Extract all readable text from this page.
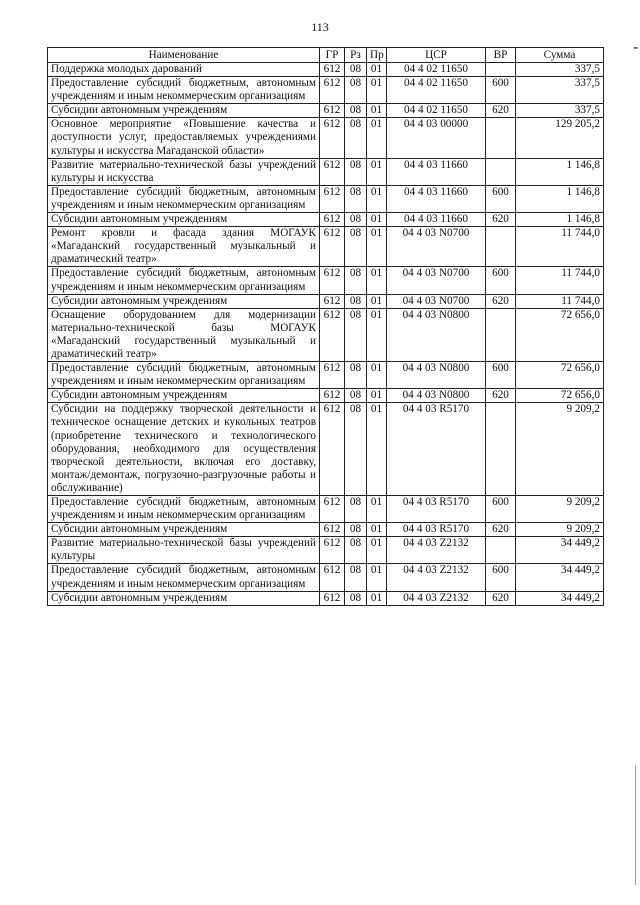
113
-
Наименование	ГР	Рз	Пр	ЦСР	ВР	Сумма
Поддержка молодых дарований	612	08	01	04 4 02 11650		337,5
Предоставление субсидий бюджетным, автономным учреждениям и иным некоммерческим организациям	612	08	01	04 4 02 11650	600	337,5
Субсидии автономным учреждениям	612	08	01	04 4 02 11650	620	337,5
Основное мероприятие «Повышение качества и доступности услуг, предоставляемых учреждениями культуры и искусства Магаданской области»	612	08	01	04 4 03 00000		129 205,2
Развитие материально-технической базы учреждений культуры и искусства	612	08	01	04 4 03 11660		1 146,8
Предоставление субсидий бюджетным, автономным учреждениям и иным некоммерческим организациям	612	08	01	04 4 03 11660	600	1 146,8
Субсидии автономным учреждениям	612	08	01	04 4 03 11660	620	1 146,8
Ремонт кровли и фасада здания МОГАУК «Магаданский государственный музыкальный и драматический театр»	612	08	01	04 4 03 N0700		11 744,0
Предоставление субсидий бюджетным, автономным учреждениям и иным некоммерческим организациям	612	08	01	04 4 03 N0700	600	11 744,0
Субсидии автономным учреждениям	612	08	01	04 4 03 N0700	620	11 744,0
Оснащение оборудованием для модернизации материально-технической базы МОГАУК «Магаданский государственный музыкальный и драматический театр»	612	08	01	04 4 03 N0800		72 656,0
Предоставление субсидий бюджетным, автономным учреждениям и иным некоммерческим организациям	612	08	01	04 4 03 N0800	600	72 656,0
Субсидии автономным учреждениям	612	08	01	04 4 03 N0800	620	72 656,0
Субсидии на поддержку творческой деятельности и техническое оснащение детских и кукольных театров (приобретение технического и технологического оборудования, необходимого для осуществления творческой деятельности, включая его доставку, монтаж/демонтаж, погрузочно-разгрузочные работы и обслуживание)	612	08	01	04 4 03 R5170		9 209,2
Предоставление субсидий бюджетным, автономным учреждениям и иным некоммерческим организациям	612	08	01	04 4 03 R5170	600	9 209,2
Субсидии автономным учреждениям	612	08	01	04 4 03 R5170	620	9 209,2
Развитие материально-технической базы учреждений культуры	612	08	01	04 4 03 Z2132		34 449,2
Предоставление субсидий бюджетным, автономным учреждениям и иным некоммерческим организациям	612	08	01	04 4 03 Z2132	600	34 449,2
Субсидии автономным учреждениям	612	08	01	04 4 03 Z2132	620	34 449,2
